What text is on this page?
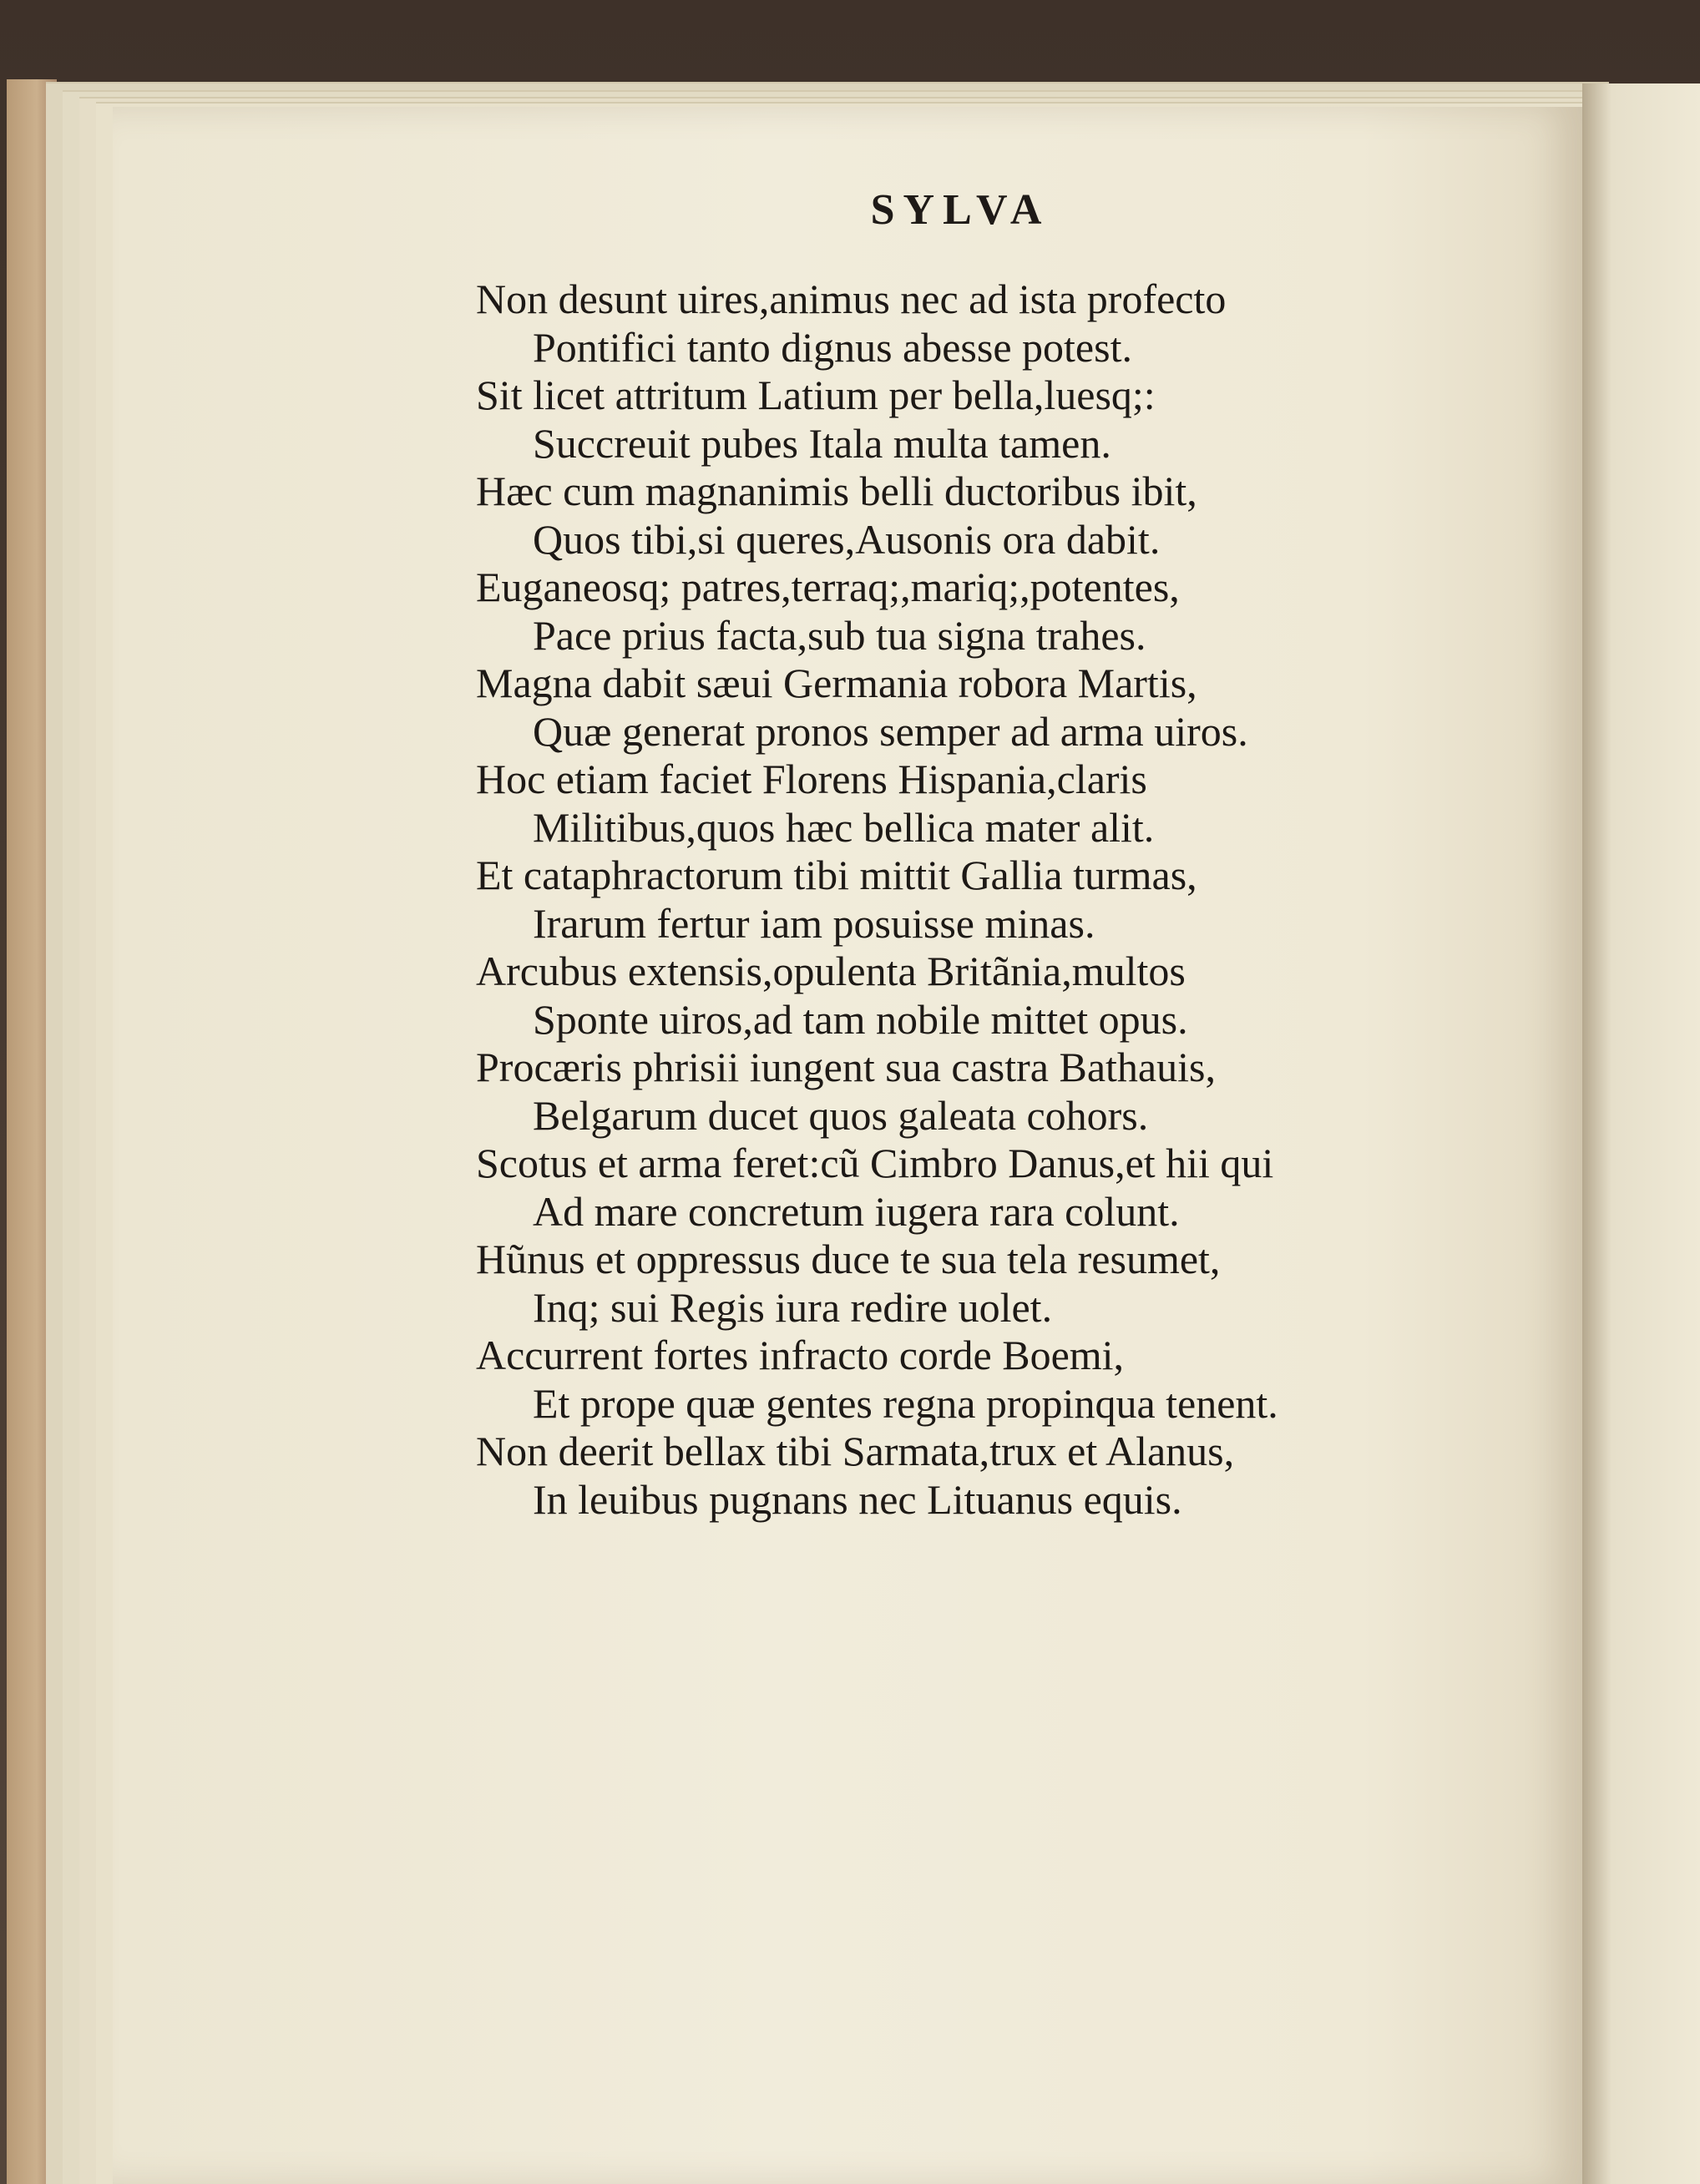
SYLVA
Non desunt uires,animus nec ad ista profecto
Pontifici tanto dignus abesse potest.
Sit licet attritum Latium per bella,luesq;:
Succreuit pubes Itala multa tamen.
Hæc cum magnanimis belli ductoribus ibit,
Quos tibi,si queres,Ausonis ora dabit.
Euganeosq; patres,terraq;,mariq;,potentes,
Pace prius facta,sub tua signa trahes.
Magna dabit sæui Germania robora Martis,
Quæ generat pronos semper ad arma uiros.
Hoc etiam faciet Florens Hispania,claris
Militibus,quos hæc bellica mater alit.
Et cataphractorum tibi mittit Gallia turmas,
Irarum fertur iam posuisse minas.
Arcubus extensis,opulenta Britãnia,multos
Sponte uiros,ad tam nobile mittet opus.
Procæris phrisii iungent sua castra Bathauis,
Belgarum ducet quos galeata cohors.
Scotus et arma feret:cũ Cimbro Danus,et hii qui
Ad mare concretum iugera rara colunt.
Hũnus et oppressus duce te sua tela resumet,
Inq; sui Regis iura redire uolet.
Accurrent fortes infracto corde Boemi,
Et prope quæ gentes regna propinqua tenent.
Non deerit bellax tibi Sarmata,trux et Alanus,
In leuibus pugnans nec Lituanus equis.
